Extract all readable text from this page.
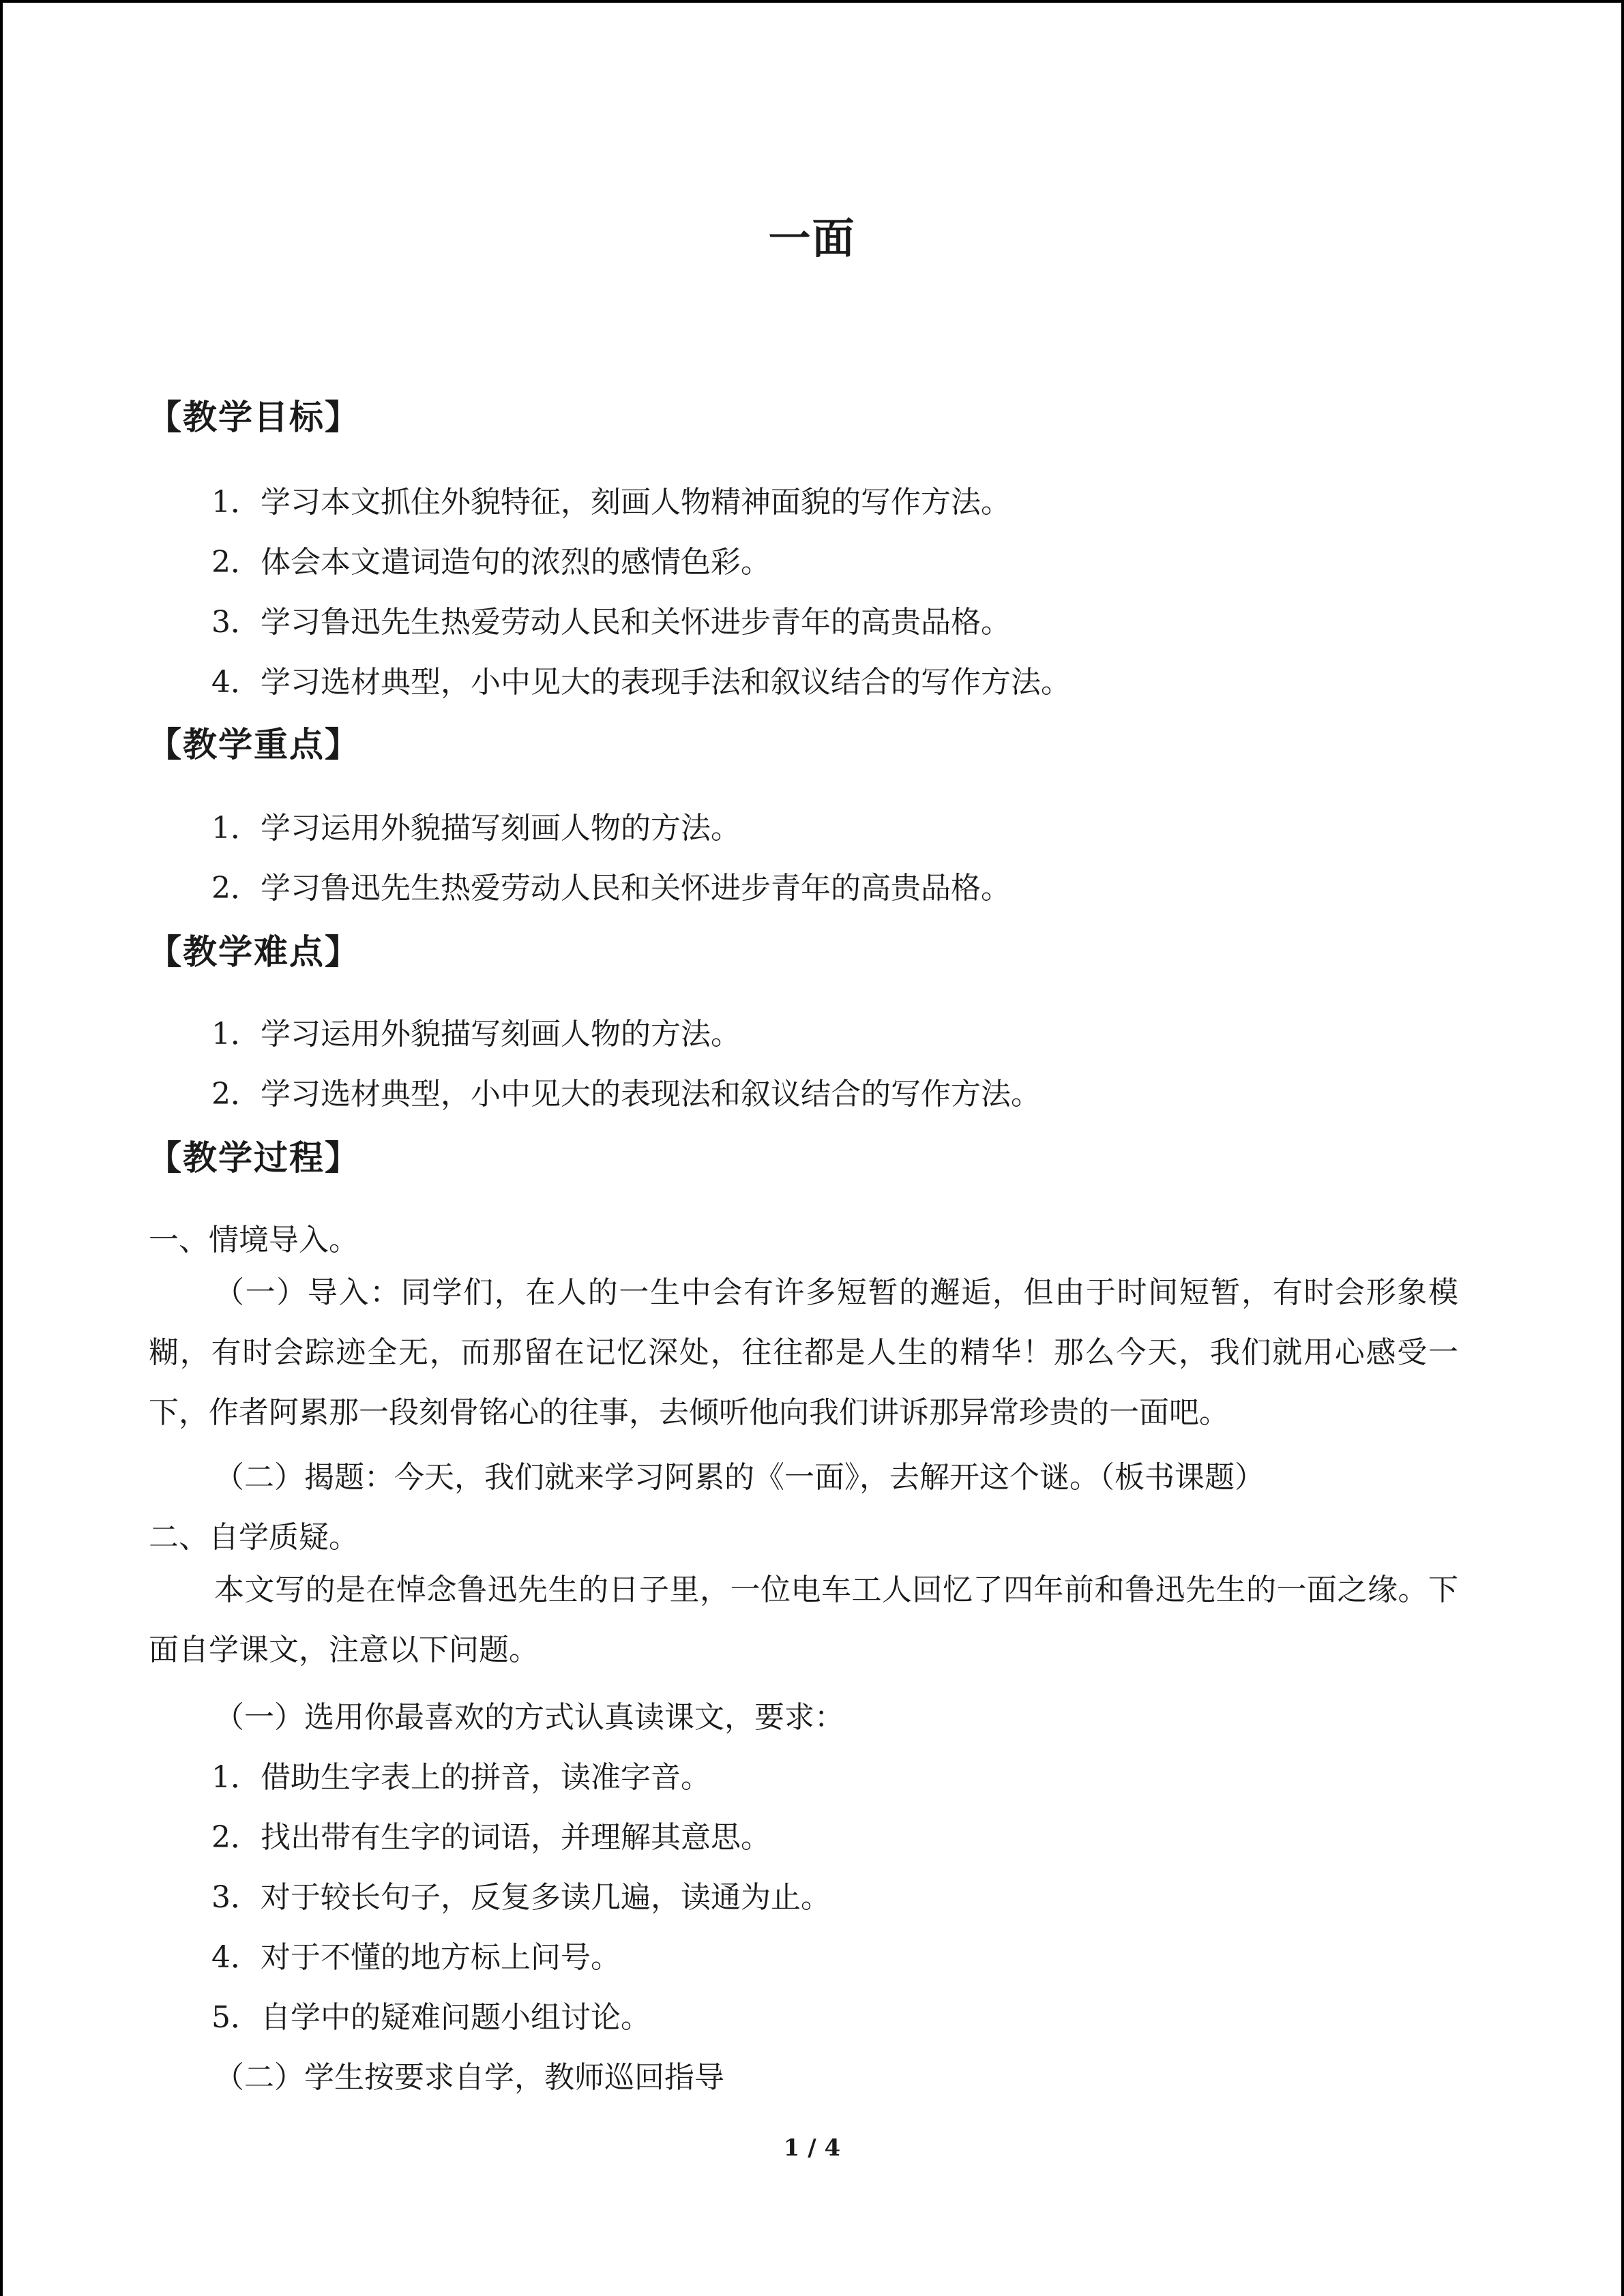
一面
【教学目标】
1．学习本文抓住外貌特征，刻画人物精神面貌的写作方法。
2．体会本文遣词造句的浓烈的感情色彩。
3．学习鲁迅先生热爱劳动人民和关怀进步青年的高贵品格。
4．学习选材典型，小中见大的表现手法和叙议结合的写作方法。
【教学重点】
1．学习运用外貌描写刻画人物的方法。
2．学习鲁迅先生热爱劳动人民和关怀进步青年的高贵品格。
【教学难点】
1．学习运用外貌描写刻画人物的方法。
2．学习选材典型，小中见大的表现法和叙议结合的写作方法。
【教学过程】
一、情境导入。
（一）导入：同学们，在人的一生中会有许多短暂的邂逅，但由于时间短暂，有时会形象模糊，有时会踪迹全无，而那留在记忆深处，往往都是人生的精华！那么今天，我们就用心感受一下，作者阿累那一段刻骨铭心的往事，去倾听他向我们讲诉那异常珍贵的一面吧。
（二）揭题：今天，我们就来学习阿累的《一面》，去解开这个谜。（板书课题）
二、自学质疑。
本文写的是在悼念鲁迅先生的日子里，一位电车工人回忆了四年前和鲁迅先生的一面之缘。下面自学课文，注意以下问题。
（一）选用你最喜欢的方式认真读课文，要求：
1．借助生字表上的拼音，读准字音。
2．找出带有生字的词语，并理解其意思。
3．对于较长句子，反复多读几遍，读通为止。
4．对于不懂的地方标上问号。
5．自学中的疑难问题小组讨论。
（二）学生按要求自学，教师巡回指导
1 / 4
